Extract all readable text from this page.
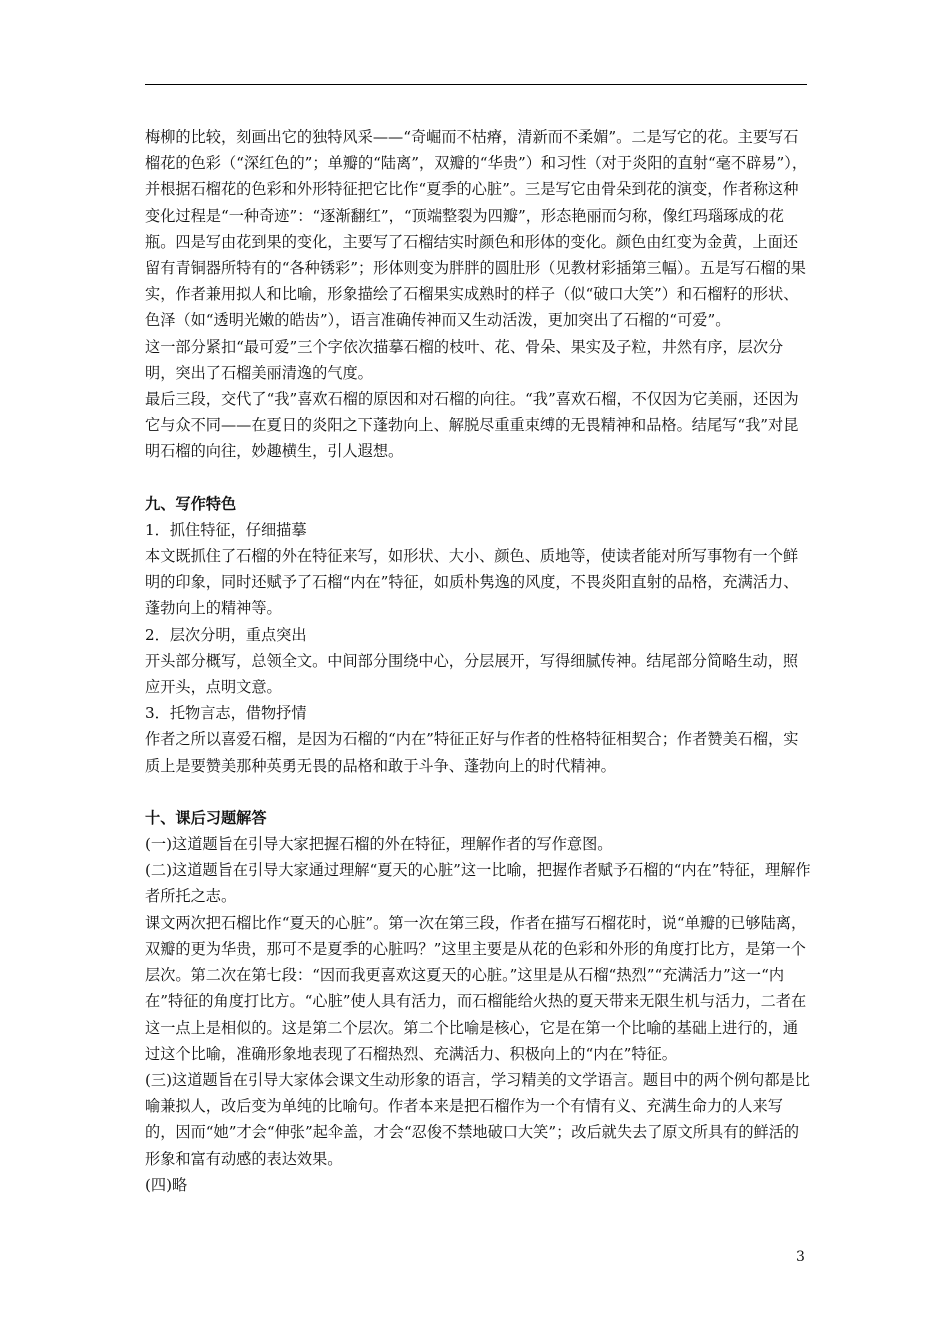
梅柳的比较，刻画出它的独特风采——“奇崛而不枯瘠，清新而不柔媚”。二是写它的花。主要写石榴花的色彩（“深红色的”；单瓣的“陆离”，双瓣的“华贵”）和习性（对于炎阳的直射“毫不辟易”），并根据石榴花的色彩和外形特征把它比作“夏季的心脏”。三是写它由骨朵到花的演变，作者称这种变化过程是“一种奇迹”：“逐渐翻红”，“顶端整裂为四瓣”，形态艳丽而匀称，像红玛瑙琢成的花瓶。四是写由花到果的变化，主要写了石榴结实时颜色和形体的变化。颜色由红变为金黄，上面还留有青铜器所特有的“各种锈彩”；形体则变为胖胖的圆肚形（见教材彩插第三幅）。五是写石榴的果实，作者兼用拟人和比喻，形象描绘了石榴果实成熟时的样子（似“破口大笑”）和石榴籽的形状、色泽（如“透明光嫩的皓齿”），语言准确传神而又生动活泼，更加突出了石榴的“可爱”。

这一部分紧扣“最可爱”三个字依次描摹石榴的枝叶、花、骨朵、果实及子粒，井然有序，层次分明，突出了石榴美丽清逸的气度。

最后三段，交代了“我”喜欢石榴的原因和对石榴的向往。“我”喜欢石榴，不仅因为它美丽，还因为它与众不同——在夏日的炎阳之下蓬勃向上、解脱尽重重束缚的无畏精神和品格。结尾写“我”对昆明石榴的向往，妙趣横生，引人遐想。

九、写作特色

1．抓住特征，仔细描摹

本文既抓住了石榴的外在特征来写，如形状、大小、颜色、质地等，使读者能对所写事物有一个鲜明的印象，同时还赋予了石榴“内在”特征，如质朴隽逸的风度，不畏炎阳直射的品格，充满活力、蓬勃向上的精神等。

2．层次分明，重点突出

开头部分概写，总领全文。中间部分围绕中心，分层展开，写得细腻传神。结尾部分简略生动，照应开头，点明文意。

3．托物言志，借物抒情

作者之所以喜爱石榴，是因为石榴的“内在”特征正好与作者的性格特征相契合；作者赞美石榴，实质上是要赞美那种英勇无畏的品格和敢于斗争、蓬勃向上的时代精神。

十、课后习题解答

(一)这道题旨在引导大家把握石榴的外在特征，理解作者的写作意图。

(二)这道题旨在引导大家通过理解“夏天的心脏”这一比喻，把握作者赋予石榴的“内在”特征，理解作者所托之志。

课文两次把石榴比作“夏天的心脏”。第一次在第三段，作者在描写石榴花时，说“单瓣的已够陆离，双瓣的更为华贵，那可不是夏季的心脏吗？”这里主要是从花的色彩和外形的角度打比方，是第一个层次。第二次在第七段：“因而我更喜欢这夏天的心脏。”这里是从石榴“热烈”“充满活力”这一“内在”特征的角度打比方。“心脏”使人具有活力，而石榴能给火热的夏天带来无限生机与活力，二者在这一点上是相似的。这是第二个层次。第二个比喻是核心，它是在第一个比喻的基础上进行的，通过这个比喻，准确形象地表现了石榴热烈、充满活力、积极向上的“内在”特征。

(三)这道题旨在引导大家体会课文生动形象的语言，学习精美的文学语言。题目中的两个例句都是比喻兼拟人，改后变为单纯的比喻句。作者本来是把石榴作为一个有情有义、充满生命力的人来写的，因而“她”才会“伸张”起伞盖，才会“忍俊不禁地破口大笑”；改后就失去了原文所具有的鲜活的形象和富有动感的表达效果。

(四)略

3
